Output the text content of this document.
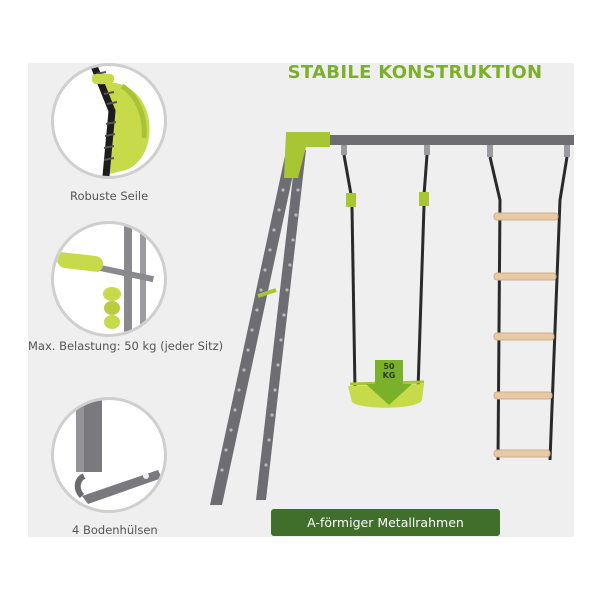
STABILE KONSTRUKTION
Robuste Seile
Max. Belastung: 50 kg (jeder Sitz)
4 Bodenhülsen
50
KG
A-förmiger Metallrahmen
